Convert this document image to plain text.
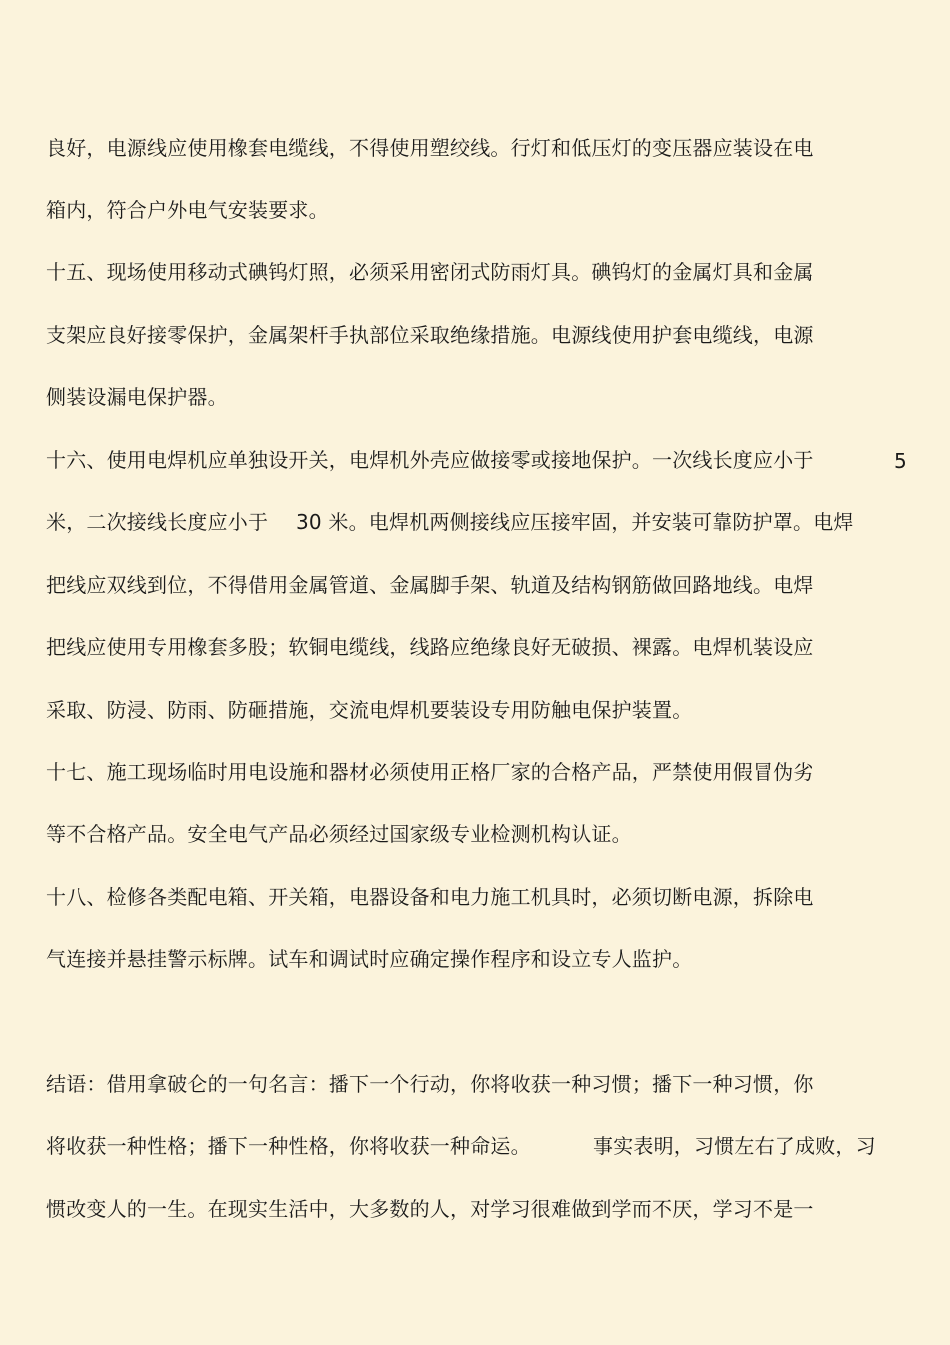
良好，电源线应使用橡套电缆线，不得使用塑绞线。行灯和低压灯的变压器应装设在电
箱内，符合户外电气安装要求。
十五、现场使用移动式碘钨灯照，必须采用密闭式防雨灯具。碘钨灯的金属灯具和金属
支架应良好接零保护，金属架杆手执部位采取绝缘措施。电源线使用护套电缆线，电源
侧装设漏电保护器。
十六、使用电焊机应单独设开关，电焊机外壳应做接零或接地保护。一次线长度应小于	5
米，二次接线长度应小于 30 米。电焊机两侧接线应压接牢固，并安装可靠防护罩。电焊
把线应双线到位，不得借用金属管道、金属脚手架、轨道及结构钢筋做回路地线。电焊
把线应使用专用橡套多股；软铜电缆线，线路应绝缘良好无破损、裸露。电焊机装设应
采取、防浸、防雨、防砸措施，交流电焊机要装设专用防触电保护装置。
十七、施工现场临时用电设施和器材必须使用正格厂家的合格产品，严禁使用假冒伪劣
等不合格产品。安全电气产品必须经过国家级专业检测机构认证。
十八、检修各类配电箱、开关箱，电器设备和电力施工机具时，必须切断电源，拆除电
气连接并悬挂警示标牌。试车和调试时应确定操作程序和设立专人监护。
结语：借用拿破仑的一句名言：播下一个行动，你将收获一种习惯；播下一种习惯，你
将收获一种性格；播下一种性格，你将收获一种命运。	事实表明，习惯左右了成败，习
惯改变人的一生。在现实生活中，大多数的人，对学习很难做到学而不厌，学习不是一
